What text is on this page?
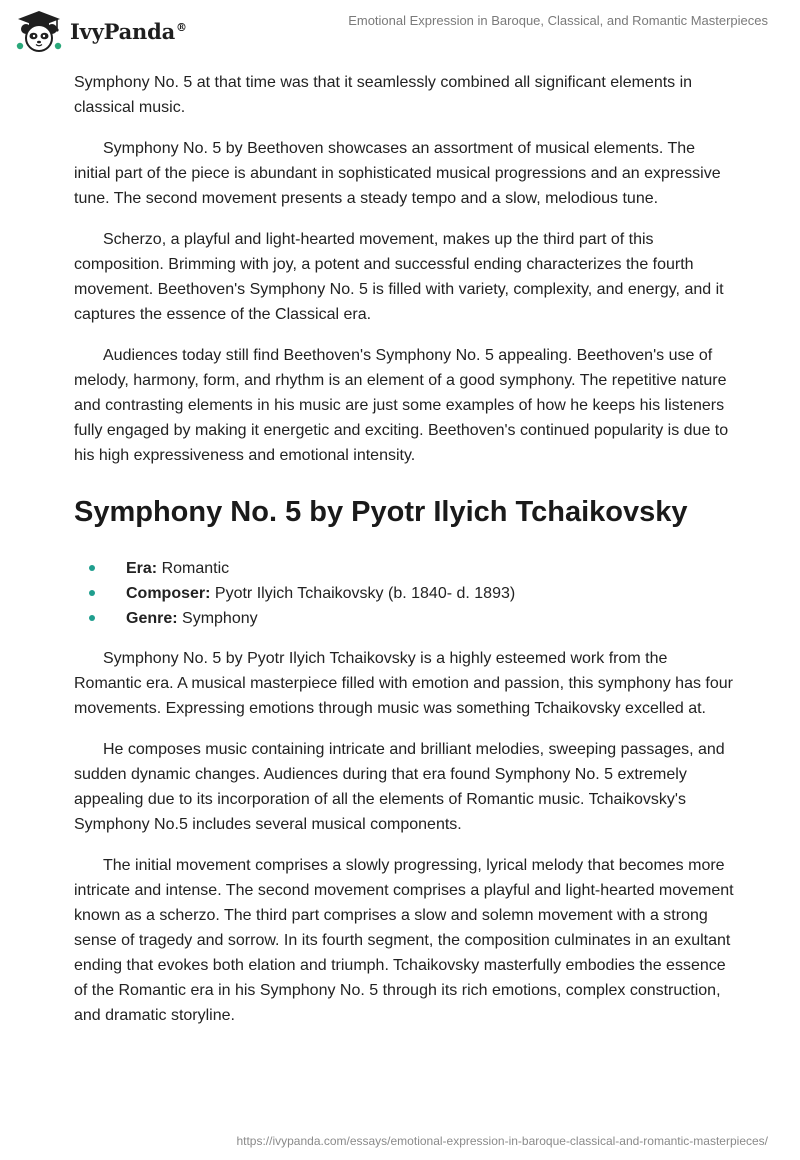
IvyPanda®	Emotional Expression in Baroque, Classical, and Romantic Masterpieces

Symphony No. 5 at that time was that it seamlessly combined all significant elements in classical music.

Symphony No. 5 by Beethoven showcases an assortment of musical elements. The initial part of the piece is abundant in sophisticated musical progressions and an expressive tune. The second movement presents a steady tempo and a slow, melodious tune.

Scherzo, a playful and light-hearted movement, makes up the third part of this composition. Brimming with joy, a potent and successful ending characterizes the fourth movement. Beethoven's Symphony No. 5 is filled with variety, complexity, and energy, and it captures the essence of the Classical era.

Audiences today still find Beethoven's Symphony No. 5 appealing. Beethoven's use of melody, harmony, form, and rhythm is an element of a good symphony. The repetitive nature and contrasting elements in his music are just some examples of how he keeps his listeners fully engaged by making it energetic and exciting. Beethoven's continued popularity is due to his high expressiveness and emotional intensity.

Symphony No. 5 by Pyotr Ilyich Tchaikovsky
Era: Romantic
Composer: Pyotr Ilyich Tchaikovsky (b. 1840- d. 1893)
Genre: Symphony

Symphony No. 5 by Pyotr Ilyich Tchaikovsky is a highly esteemed work from the Romantic era. A musical masterpiece filled with emotion and passion, this symphony has four movements. Expressing emotions through music was something Tchaikovsky excelled at.

He composes music containing intricate and brilliant melodies, sweeping passages, and sudden dynamic changes. Audiences during that era found Symphony No. 5 extremely appealing due to its incorporation of all the elements of Romantic music. Tchaikovsky's Symphony No.5 includes several musical components.

The initial movement comprises a slowly progressing, lyrical melody that becomes more intricate and intense. The second movement comprises a playful and light-hearted movement known as a scherzo. The third part comprises a slow and solemn movement with a strong sense of tragedy and sorrow. In its fourth segment, the composition culminates in an exultant ending that evokes both elation and triumph. Tchaikovsky masterfully embodies the essence of the Romantic era in his Symphony No. 5 through its rich emotions, complex construction, and dramatic storyline.

https://ivypanda.com/essays/emotional-expression-in-baroque-classical-and-romantic-masterpieces/
